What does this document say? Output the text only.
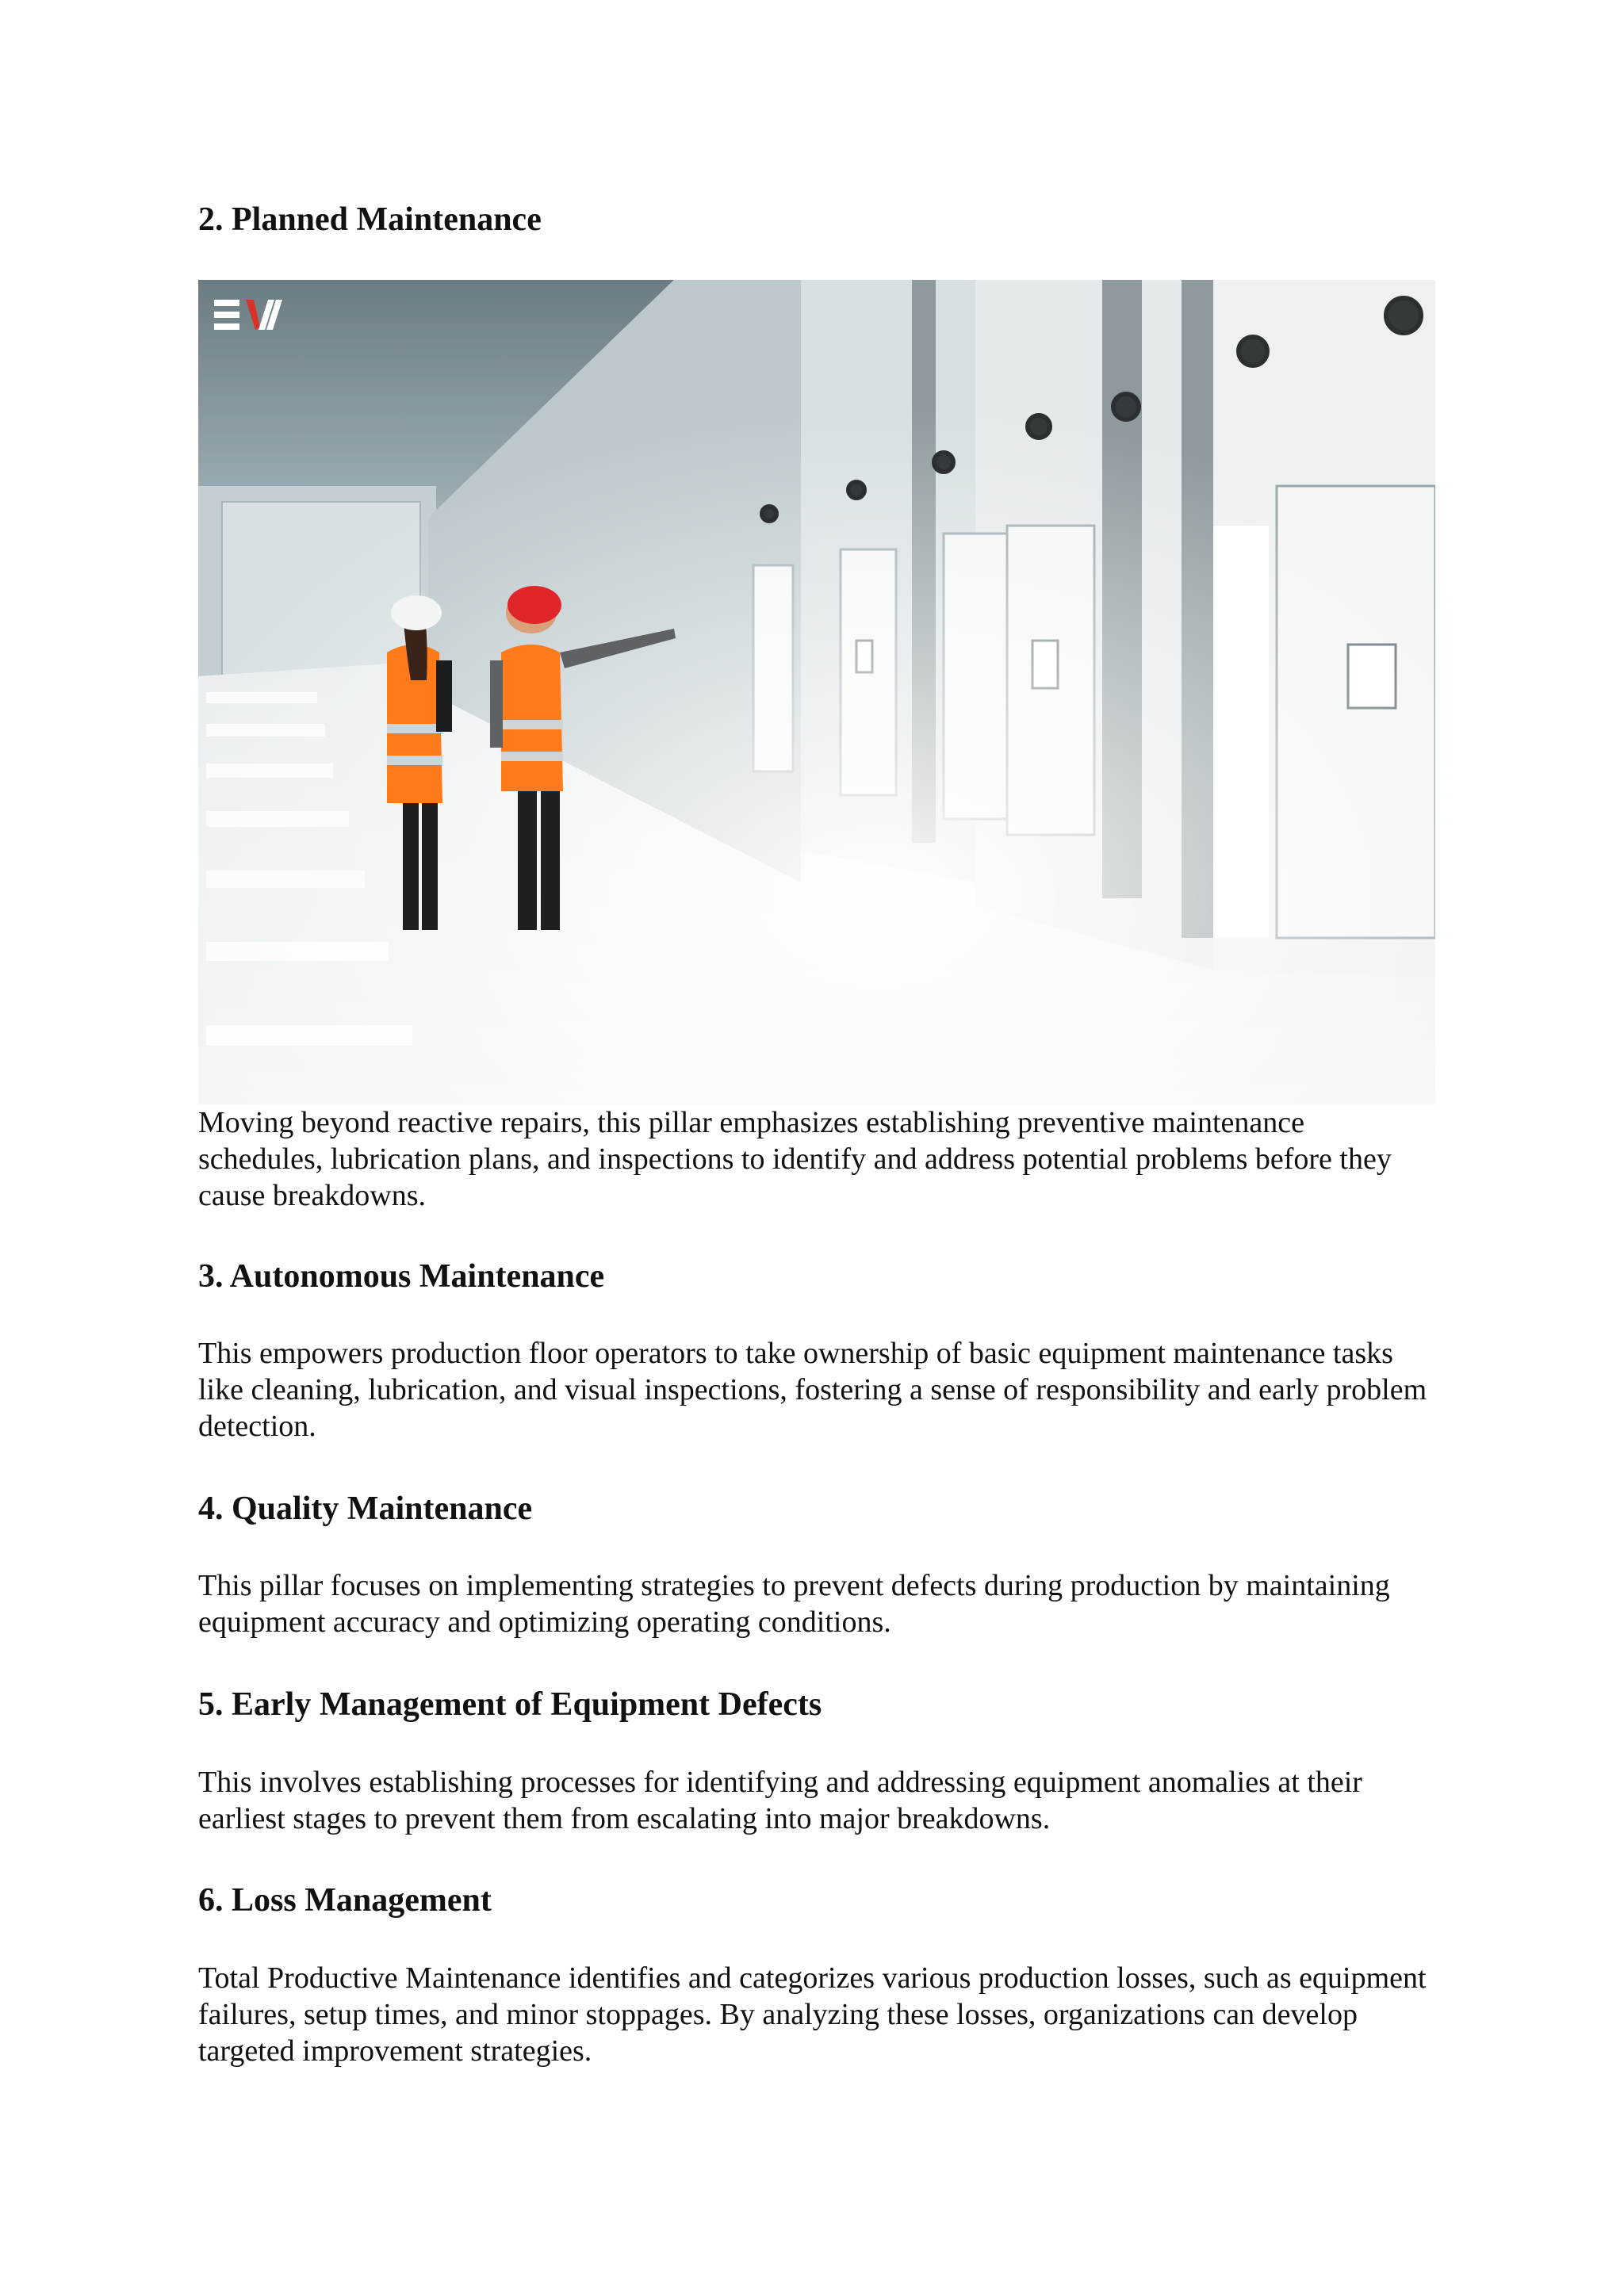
2. Planned Maintenance

Moving beyond reactive repairs, this pillar emphasizes establishing preventive maintenance schedules, lubrication plans, and inspections to identify and address potential problems before they cause breakdowns.

3. Autonomous Maintenance

This empowers production floor operators to take ownership of basic equipment maintenance tasks like cleaning, lubrication, and visual inspections, fostering a sense of responsibility and early problem detection.

4. Quality Maintenance

This pillar focuses on implementing strategies to prevent defects during production by maintaining equipment accuracy and optimizing operating conditions.

5. Early Management of Equipment Defects

This involves establishing processes for identifying and addressing equipment anomalies at their earliest stages to prevent them from escalating into major breakdowns.

6. Loss Management

Total Productive Maintenance identifies and categorizes various production losses, such as equipment failures, setup times, and minor stoppages. By analyzing these losses, organizations can develop targeted improvement strategies.
